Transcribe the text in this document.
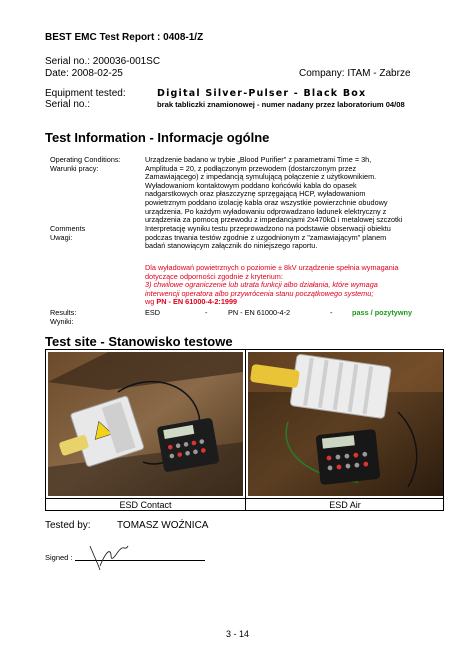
BEST EMC Test Report : 0408-1/Z
Serial no.: 200036-001SC
Date: 2008-02-25	Company: ITAM - Zabrze
Equipment tested:	Digital Silver-Pulser - Black Box
Serial no.:	brak tabliczki znamionowej - numer nadany przez laboratorium 04/08
Test Information - Informacje ogólne
Operating Conditions:
Warunki pracy:
Urządzenie badano w trybie „Blood Purifier" z parametrami Time = 3h,
Amplituda = 20, z podłączonym przewodem (dostarczonym przez
Zamawiającego) z impedancją symulującą połączenie z użytkownikiem.
Wyładowaniom kontaktowym poddano końcówki kabla do opasek
nadgarstkowych oraz płaszczyznę sprzęgającą HCP, wyładowaniom
powietrznym poddano izolację kabla oraz wszystkie powierzchnie obudowy
urządzenia. Po każdym wyładowaniu odprowadzano ładunek elektryczny z
urządzenia za pomocą przewodu z impedancjami 2x470kΩ i metalowej szczotki
Comments
Uwagi:
Interpretację wyniku testu przeprowadzono na podstawie obserwacji obiektu
podczas trwania testów zgodnie z uzgodnionym z "zamawiającym" planem
badań stanowiącym załącznik do niniejszego raportu.
Dla wyładowań powietrznych o poziomie ± 8kV urządzenie spełnia wymagania
dotyczące odporności zgodnie z kryterium:
3) chwilowe ograniczenie lub utrata funkcji albo działania, które wymaga
interwencji operatora albo przywrócenia stanu początkowego systemu;
wg PN - EN 61000-4-2:1999
Results:
Wyniki:
ESD	-	PN - EN 61000-4-2	-	pass / pozytywny
Test site - Stanowisko testowe
ESD Contact	ESD Air
Tested by:	TOMASZ WOŹNICA
Signed :
3 - 14
